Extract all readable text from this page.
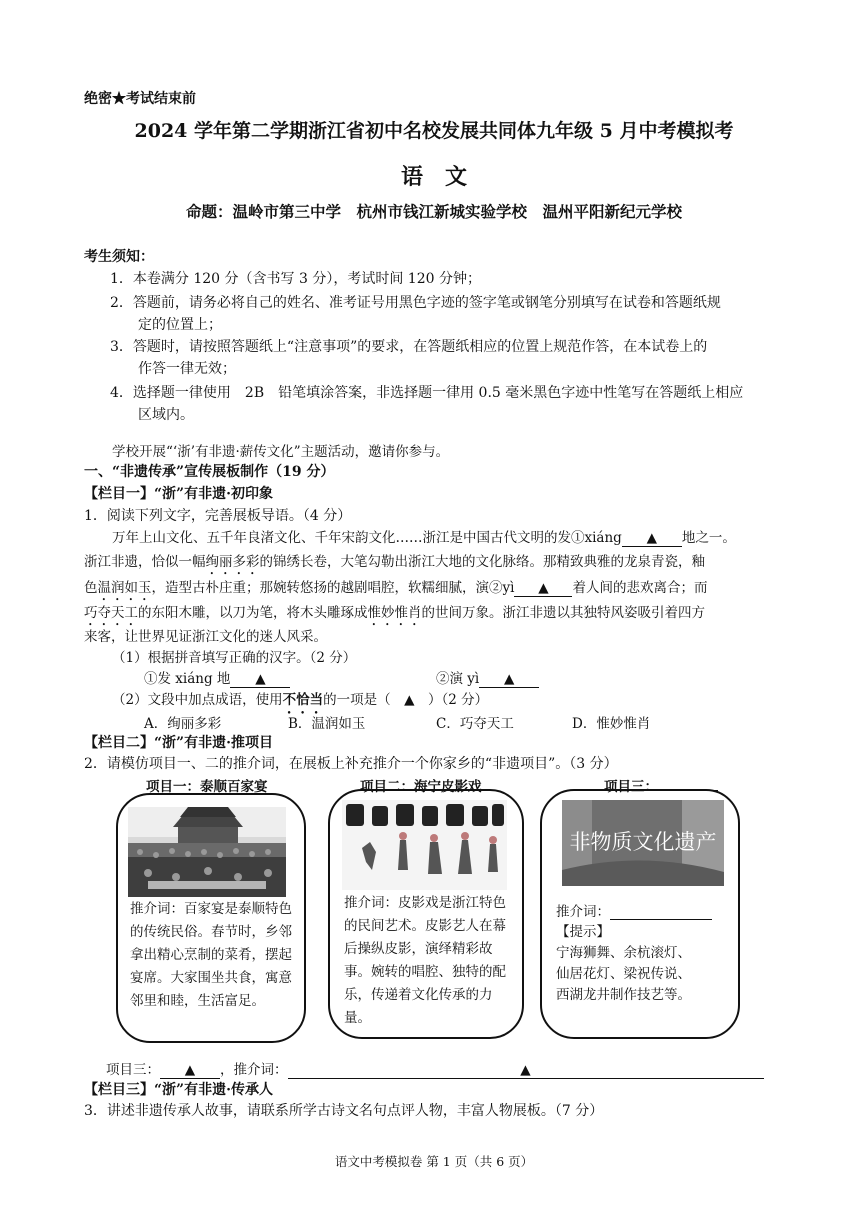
绝密★考试结束前
2024 学年第二学期浙江省初中名校发展共同体九年级 5 月中考模拟考
语　文
命题：温岭市第三中学　杭州市钱江新城实验学校　温州平阳新纪元学校
考生须知：
1．本卷满分 120 分（含书写 3 分），考试时间 120 分钟；
2．答题前，请务必将自己的姓名、准考证号用黑色字迹的签字笔或钢笔分别填写在试卷和答题纸规
定的位置上；
3．答题时，请按照答题纸上“注意事项”的要求，在答题纸相应的位置上规范作答，在本试卷上的
作答一律无效；
4．选择题一律使用　2B　铅笔填涂答案，非选择题一律用 0.5 毫米黑色字迹中性笔写在答题纸上相应
区域内。
学校开展“‘浙’有非遗·薪传文化”主题活动，邀请你参与。
一、“非遗传承”宣传展板制作（19 分）
【栏目一】“浙”有非遗·初印象
1．阅读下列文字，完善展板导语。（4 分）
万年上山文化、五千年良渚文化、千年宋韵文化……浙江是中国古代文明的发①xiáng ▲ 地之一。
浙江非遗，恰似一幅绚丽多彩的锦绣长卷，大笔勾勒出浙江大地的文化脉络。那精致典雅的龙泉青瓷，釉
色温润如玉，造型古朴庄重；那婉转悠扬的越剧唱腔，软糯细腻，演②yì ▲ 着人间的悲欢离合；而
巧夺天工的东阳木雕，以刀为笔，将木头雕琢成惟妙惟肖的世间万象。浙江非遗以其独特风姿吸引着四方
来客，让世界见证浙江文化的迷人风采。
（1）根据拼音填写正确的汉字。（2 分）
①发 xiáng 地 ▲	②演 yì ▲
（2）文段中加点成语，使用不恰当的一项是（　▲　）（2 分）
A．绚丽多彩	B．温润如玉	C．巧夺天工	D．惟妙惟肖
【栏目二】“浙”有非遗·推项目
2．请模仿项目一、二的推介词，在展板上补充推介一个你家乡的“非遗项目”。（3 分）
项目一：泰顺百家宴	项目二：海宁皮影戏	项目三：
推介词：百家宴是泰顺特色的传统民俗。春节时，乡邻拿出精心烹制的菜肴，摆起宴席。大家围坐共食，寓意邻里和睦，生活富足。
推介词：皮影戏是浙江特色的民间艺术。皮影艺人在幕后操纵皮影，演绎精彩故事。婉转的唱腔、独特的配乐，传递着文化传承的力量。
非物质文化遗产
推介词：
【提示】
宁海狮舞、余杭滚灯、
仙居花灯、梁祝传说、
西湖龙井制作技艺等。
项目三： ▲ ，推介词：	▲
【栏目三】“浙”有非遗·传承人
3．讲述非遗传承人故事，请联系所学古诗文名句点评人物，丰富人物展板。（7 分）
语文中考模拟卷 第 1 页（共 6 页）
